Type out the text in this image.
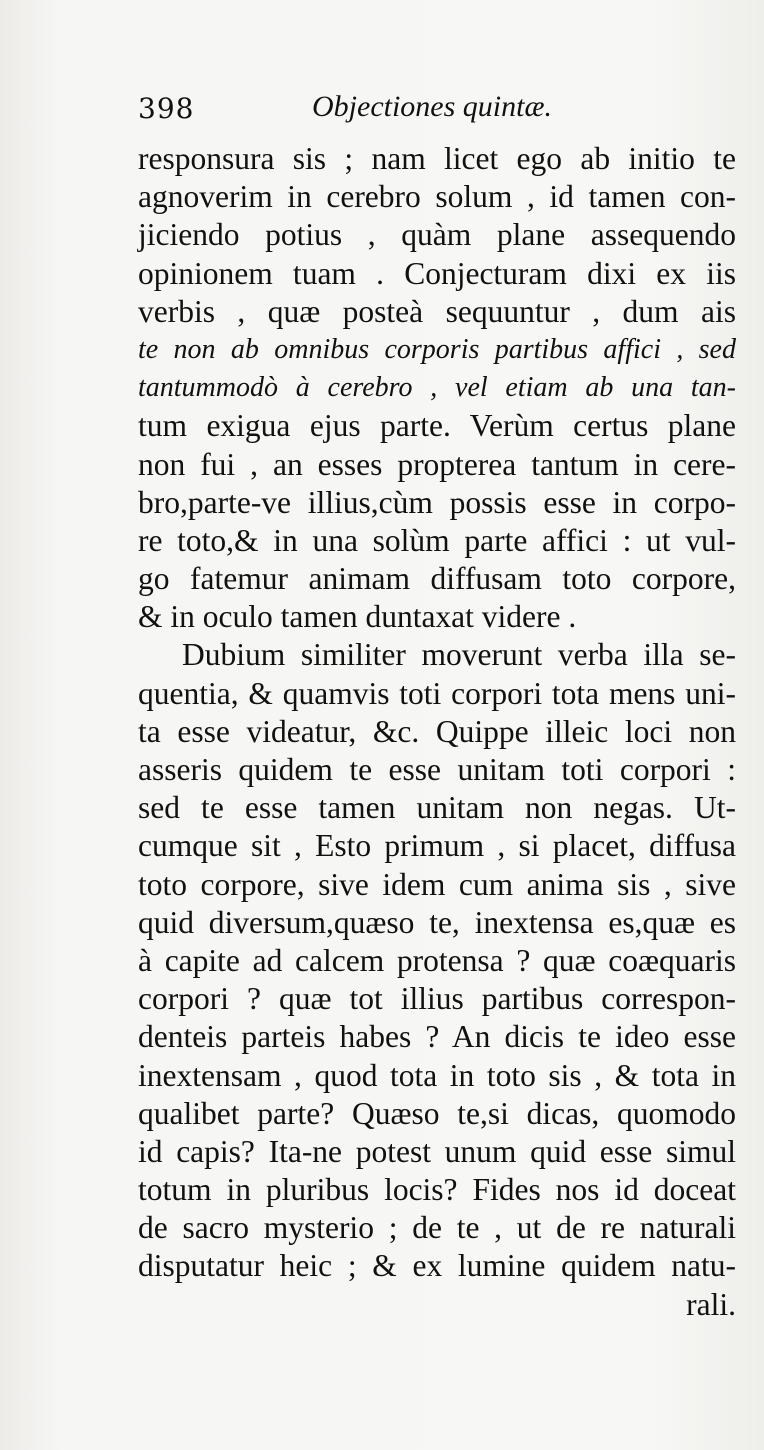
398	Objectiones quintæ.
responsura sis ; nam licet ego ab initio te
agnoverim in cerebro solum , id tamen con-
jiciendo potius , quàm plane assequendo
opinionem tuam . Conjecturam dixi ex iis
verbis , quæ posteà sequuntur , dum ais
te non ab omnibus corporis partibus affici , sed
tantummodò à cerebro , vel etiam ab una tan-
tum exigua ejus parte. Verùm certus plane
non fui , an esses propterea tantum in cere-
bro,parte-ve illius,cùm possis esse in corpo-
re toto,& in una solùm parte affici : ut vul-
go fatemur animam diffusam toto corpore,
& in oculo tamen duntaxat videre .
Dubium similiter moverunt verba illa se-
quentia, & quamvis toti corpori tota mens uni-
ta esse videatur, &c. Quippe illeic loci non
asseris quidem te esse unitam toti corpori :
sed te esse tamen unitam non negas. Ut-
cumque sit , Esto primum , si placet, diffusa
toto corpore, sive idem cum anima sis , sive
quid diversum,quæso te, inextensa es,quæ es
à capite ad calcem protensa ? quæ coæquaris
corpori ? quæ tot illius partibus correspon-
denteis parteis habes ? An dicis te ideo esse
inextensam , quod tota in toto sis , & tota in
qualibet parte? Quæso te,si dicas, quomodo
id capis? Ita-ne potest unum quid esse simul
totum in pluribus locis? Fides nos id doceat
de sacro mysterio ; de te , ut de re naturali
disputatur heic ; & ex lumine quidem natu-
rali.
